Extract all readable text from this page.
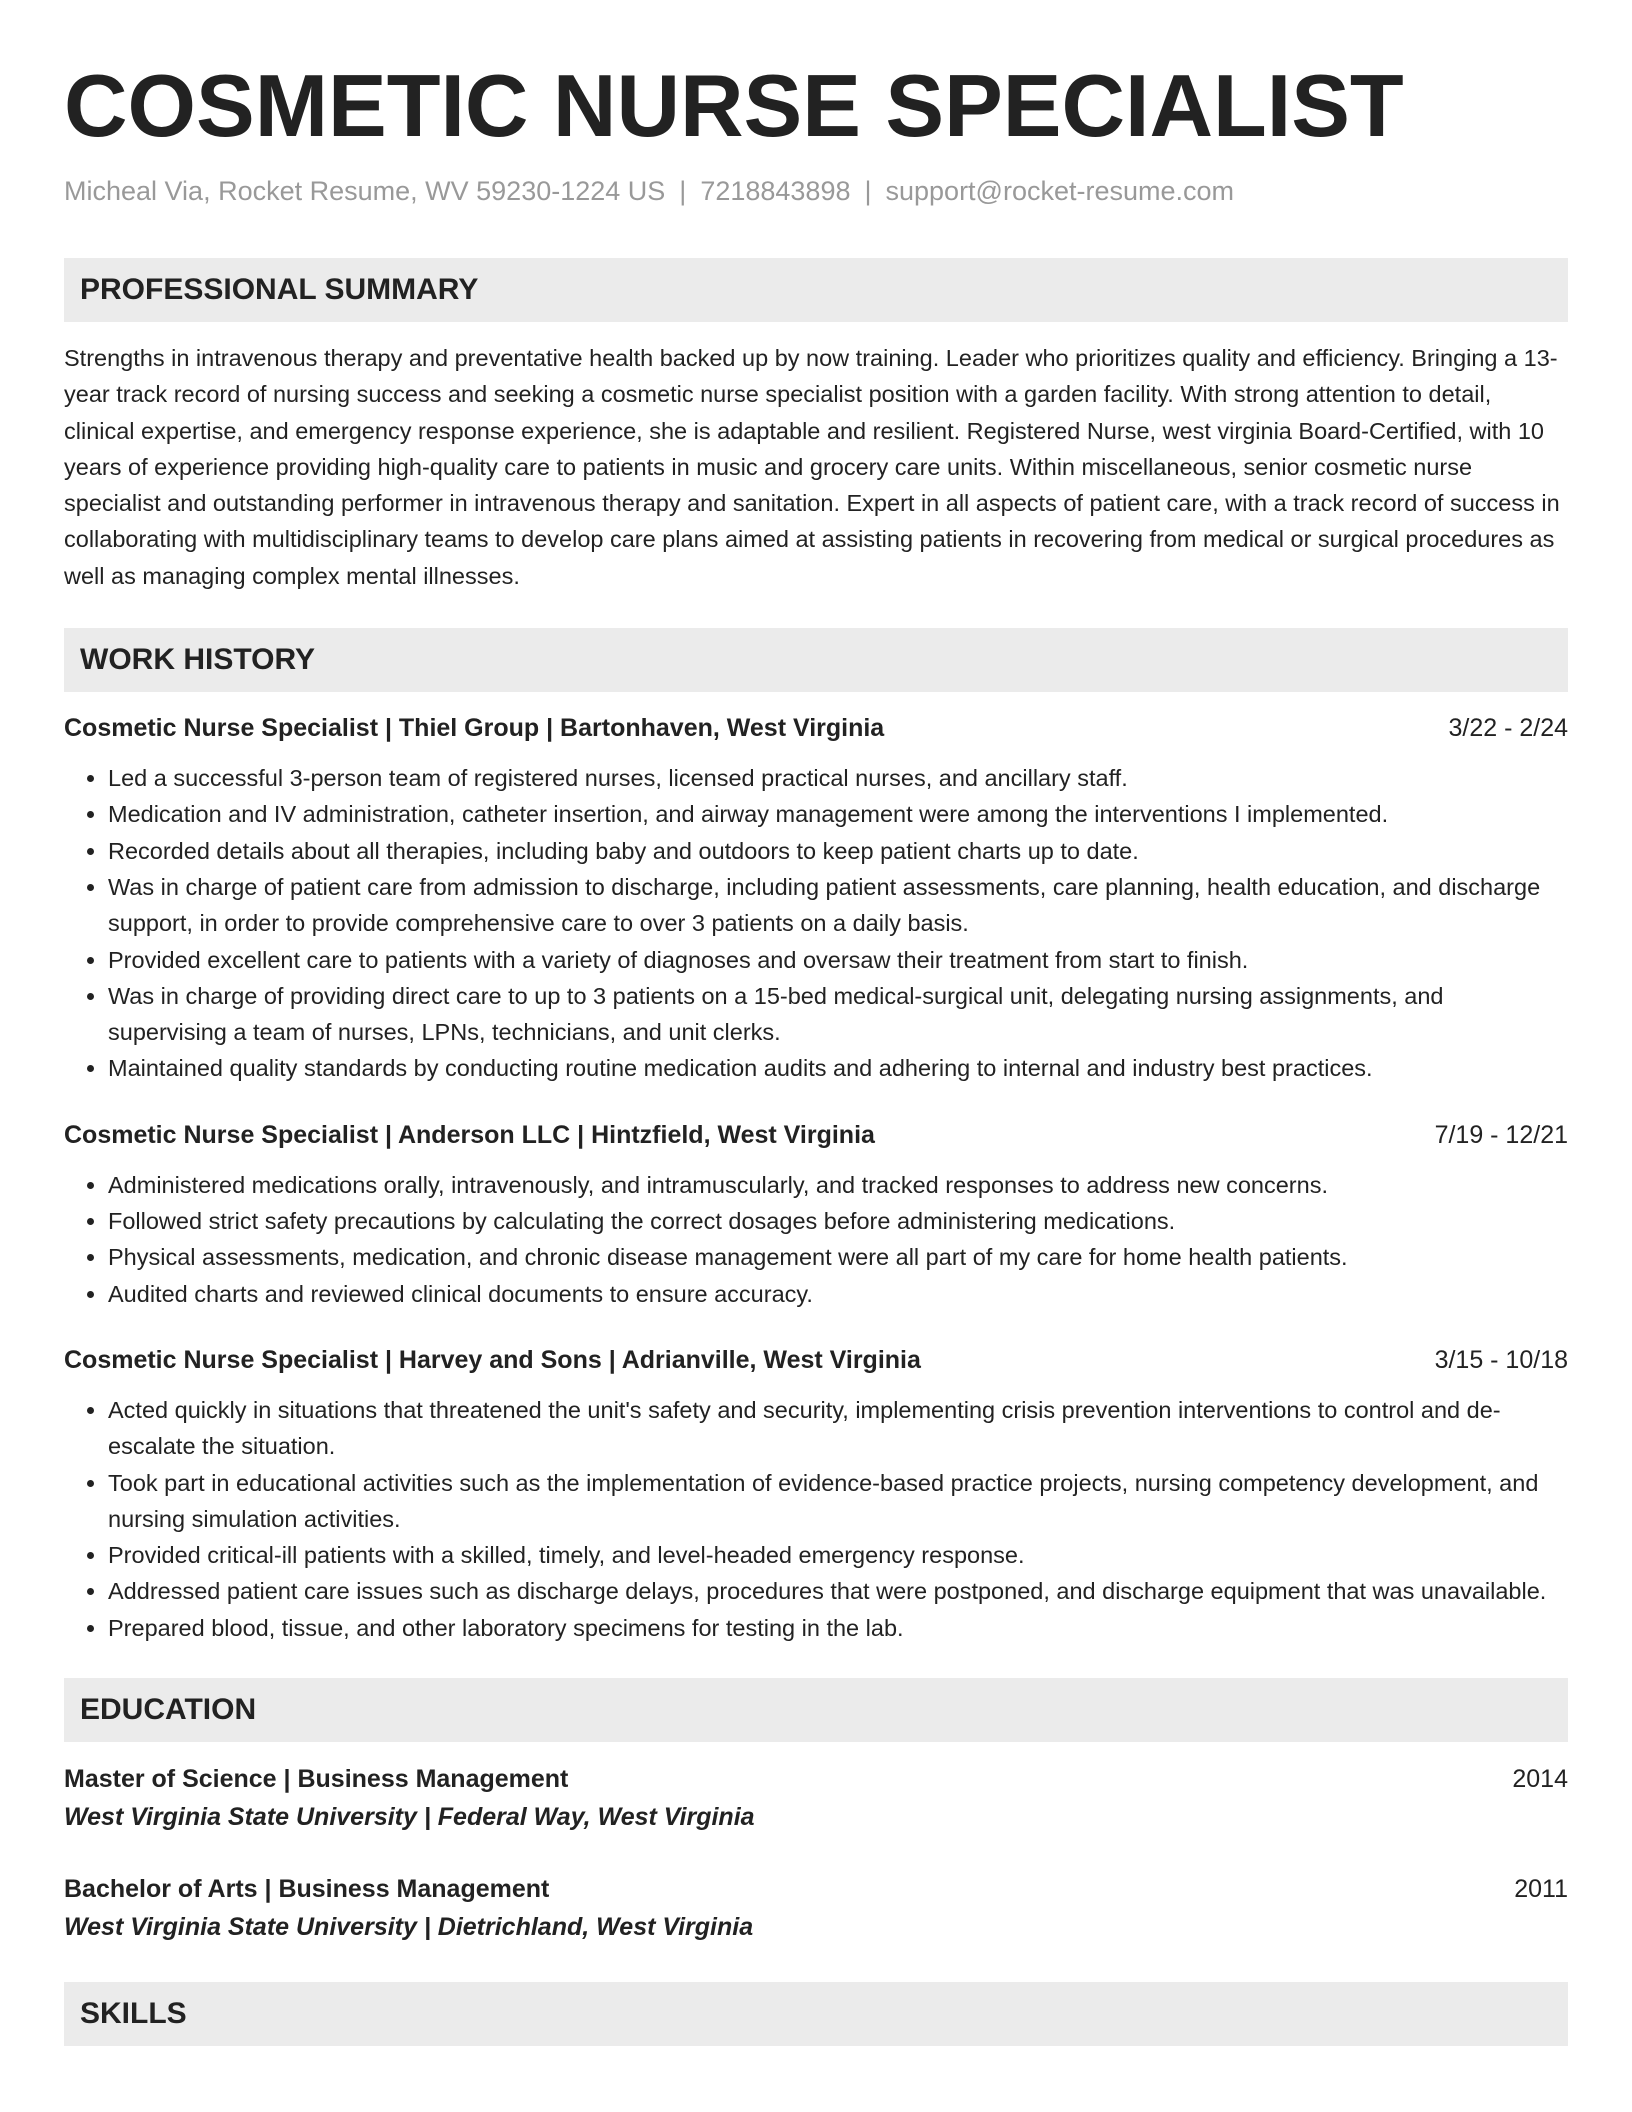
COSMETIC NURSE SPECIALIST
Micheal Via, Rocket Resume, WV 59230-1224 US | 7218843898 | support@rocket-resume.com
PROFESSIONAL SUMMARY
Strengths in intravenous therapy and preventative health backed up by now training. Leader who prioritizes quality and efficiency. Bringing a 13-year track record of nursing success and seeking a cosmetic nurse specialist position with a garden facility. With strong attention to detail, clinical expertise, and emergency response experience, she is adaptable and resilient. Registered Nurse, west virginia Board-Certified, with 10 years of experience providing high-quality care to patients in music and grocery care units. Within miscellaneous, senior cosmetic nurse specialist and outstanding performer in intravenous therapy and sanitation. Expert in all aspects of patient care, with a track record of success in collaborating with multidisciplinary teams to develop care plans aimed at assisting patients in recovering from medical or surgical procedures as well as managing complex mental illnesses.
WORK HISTORY
Cosmetic Nurse Specialist | Thiel Group | Bartonhaven, West Virginia	3/22 - 2/24
• Led a successful 3-person team of registered nurses, licensed practical nurses, and ancillary staff.
• Medication and IV administration, catheter insertion, and airway management were among the interventions I implemented.
• Recorded details about all therapies, including baby and outdoors to keep patient charts up to date.
• Was in charge of patient care from admission to discharge, including patient assessments, care planning, health education, and discharge support, in order to provide comprehensive care to over 3 patients on a daily basis.
• Provided excellent care to patients with a variety of diagnoses and oversaw their treatment from start to finish.
• Was in charge of providing direct care to up to 3 patients on a 15-bed medical-surgical unit, delegating nursing assignments, and supervising a team of nurses, LPNs, technicians, and unit clerks.
• Maintained quality standards by conducting routine medication audits and adhering to internal and industry best practices.
Cosmetic Nurse Specialist | Anderson LLC | Hintzfield, West Virginia	7/19 - 12/21
• Administered medications orally, intravenously, and intramuscularly, and tracked responses to address new concerns.
• Followed strict safety precautions by calculating the correct dosages before administering medications.
• Physical assessments, medication, and chronic disease management were all part of my care for home health patients.
• Audited charts and reviewed clinical documents to ensure accuracy.
Cosmetic Nurse Specialist | Harvey and Sons | Adrianville, West Virginia	3/15 - 10/18
• Acted quickly in situations that threatened the unit's safety and security, implementing crisis prevention interventions to control and de-escalate the situation.
• Took part in educational activities such as the implementation of evidence-based practice projects, nursing competency development, and nursing simulation activities.
• Provided critical-ill patients with a skilled, timely, and level-headed emergency response.
• Addressed patient care issues such as discharge delays, procedures that were postponed, and discharge equipment that was unavailable.
• Prepared blood, tissue, and other laboratory specimens for testing in the lab.
EDUCATION
Master of Science | Business Management	2014
West Virginia State University | Federal Way, West Virginia
Bachelor of Arts | Business Management	2011
West Virginia State University | Dietrichland, West Virginia
SKILLS
